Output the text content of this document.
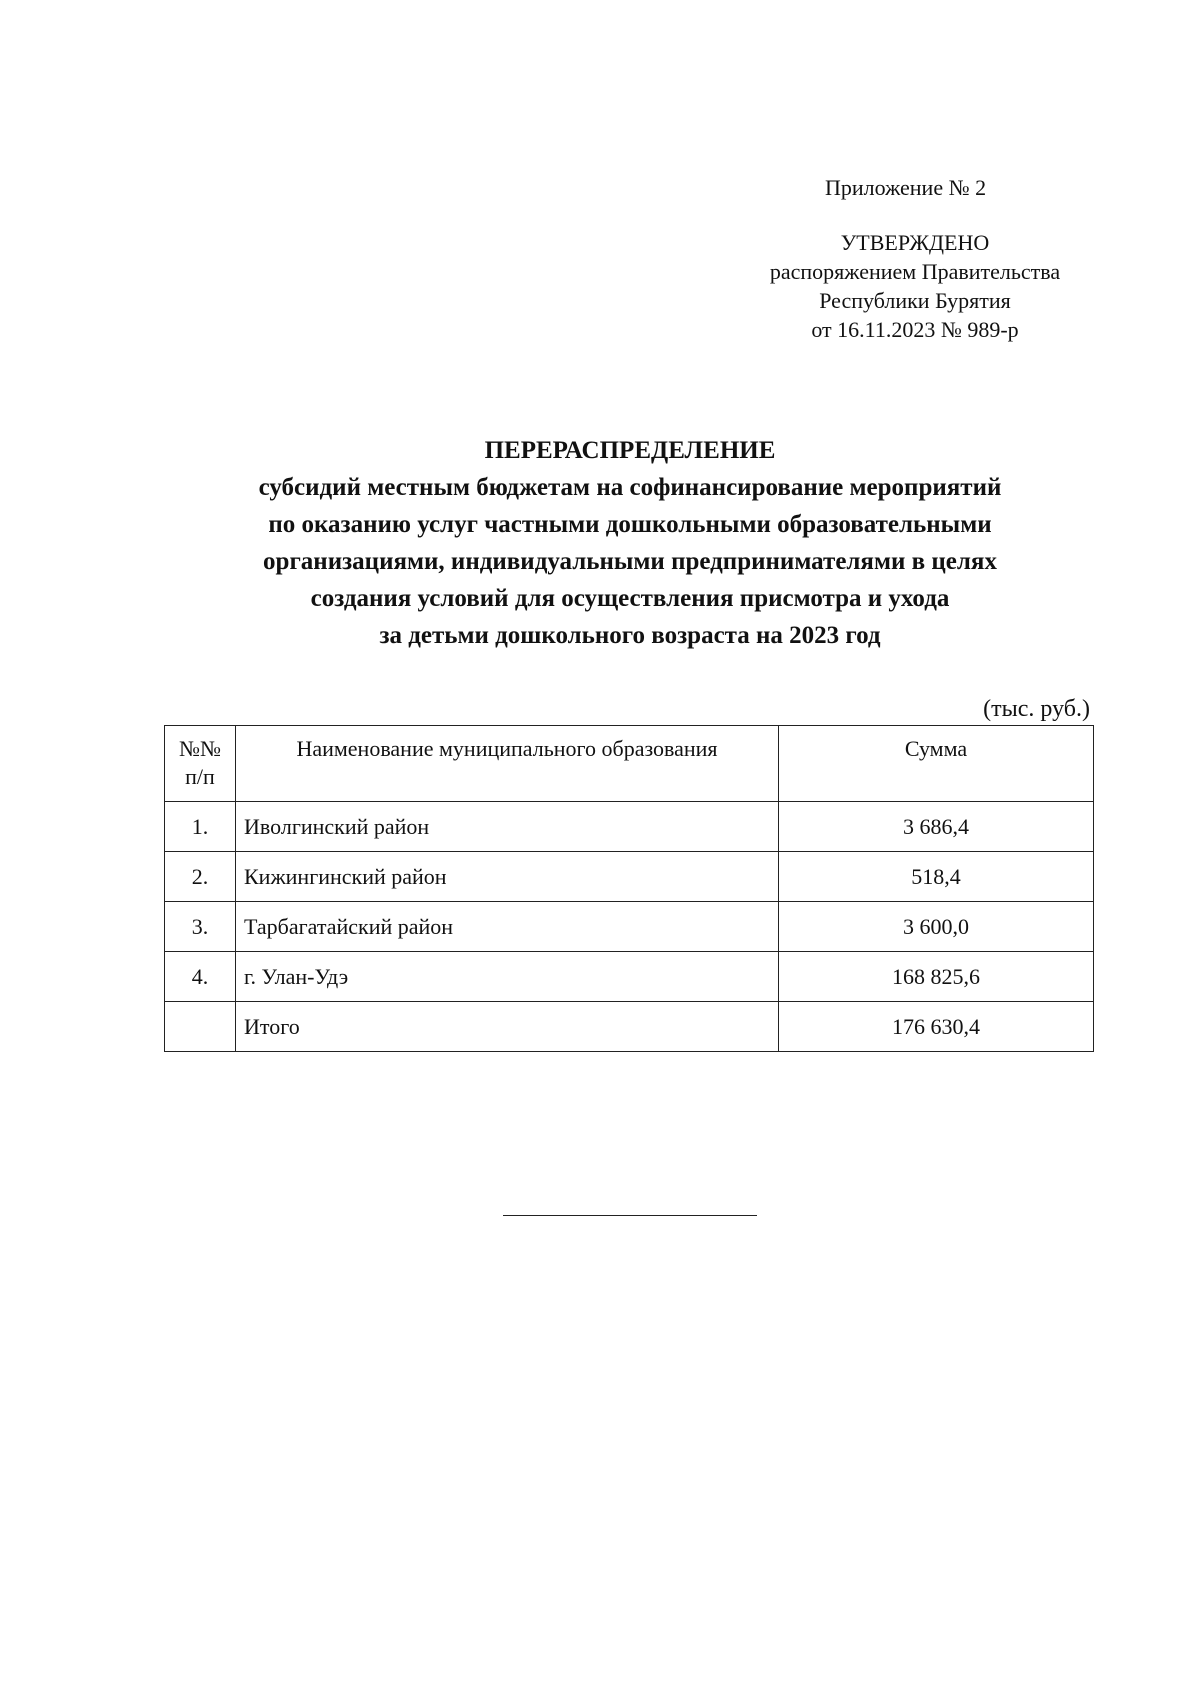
Приложение № 2
УТВЕРЖДЕНО
распоряжением Правительства
Республики Бурятия
от 16.11.2023 № 989-р
ПЕРЕРАСПРЕДЕЛЕНИЕ
субсидий местным бюджетам на софинансирование мероприятий
по оказанию услуг частными дошкольными образовательными
организациями, индивидуальными предпринимателями в целях
создания условий для осуществления присмотра и ухода
за детьми дошкольного возраста на 2023 год
(тыс. руб.)
№№
п/п	Наименование муниципального образования	Сумма
1.	Иволгинский район	3 686,4
2.	Кижингинский район	518,4
3.	Тарбагатайский район	3 600,0
4.	г. Улан-Удэ	168 825,6
	Итого	176 630,4
